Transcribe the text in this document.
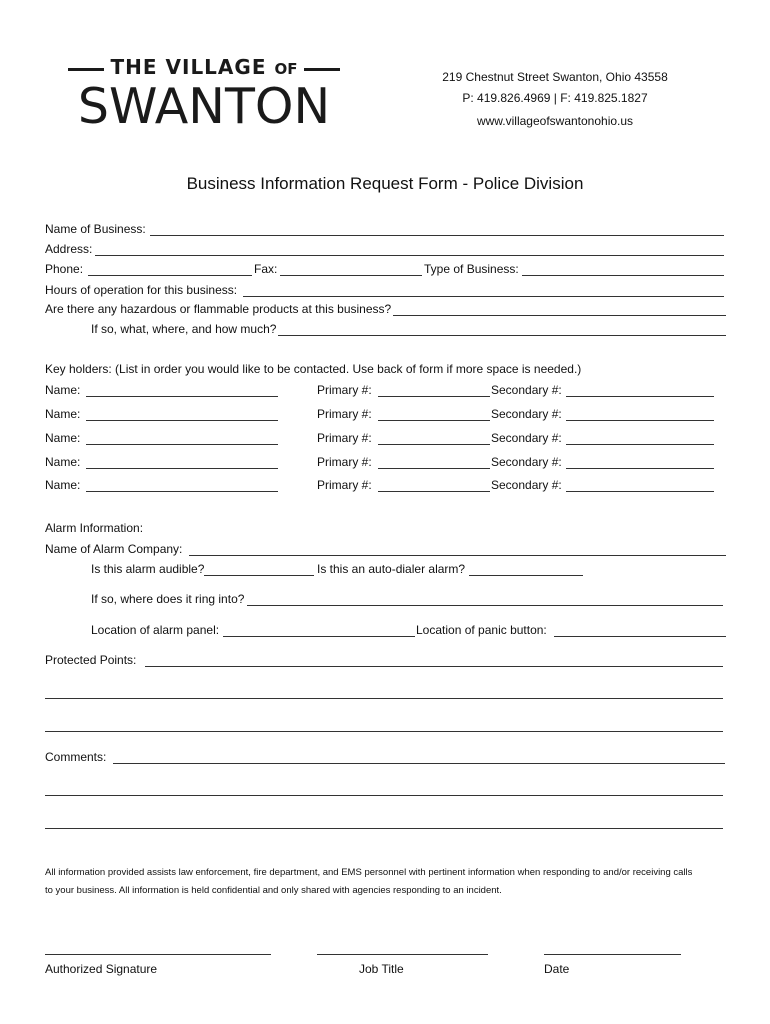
THE VILLAGE OF
SWANTON
219 Chestnut Street Swanton, Ohio 43558
P: 419.826.4969 | F: 419.825.1827
www.villageofswantonohio.us
Business Information Request Form - Police Division
Name of Business:
Address:
Phone:	Fax:	Type of Business:
Hours of operation for this business:
Are there any hazardous or flammable products at this business?
If so, what, where, and how much?
Key holders: (List in order you would like to be contacted. Use back of form if more space is needed.)
Name:	Primary #:	Secondary #:
Name:	Primary #:	Secondary #:
Name:	Primary #:	Secondary #:
Name:	Primary #:	Secondary #:
Name:	Primary #:	Secondary #:
Alarm Information:
Name of Alarm Company:
Is this alarm audible?	Is this an auto-dialer alarm?
If so, where does it ring into?
Location of alarm panel:	Location of panic button:
Protected Points:
Comments:
All information provided assists law enforcement, fire department, and EMS personnel with pertinent information when responding to and/or receiving calls
to your business. All information is held confidential and only shared with agencies responding to an incident.
Authorized Signature	Job Title	Date
